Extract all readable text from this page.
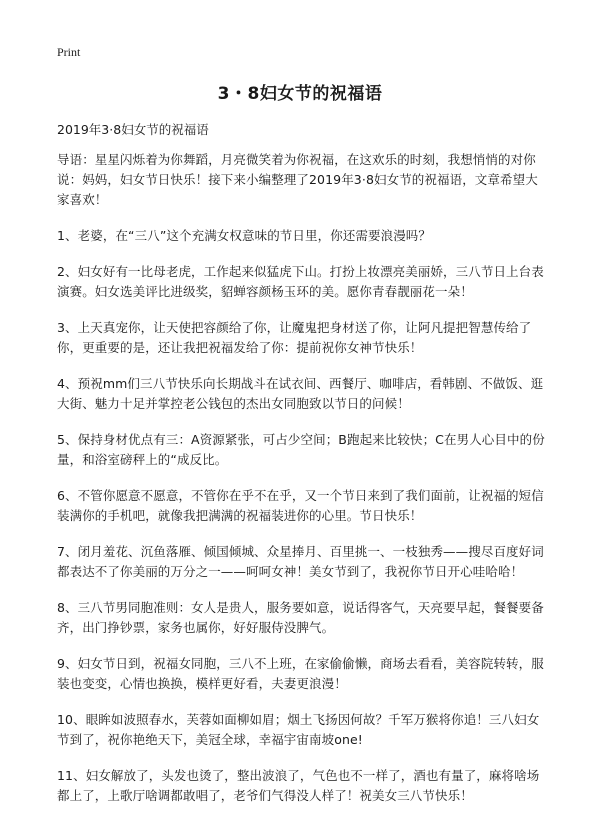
Print
3・8妇女节的祝福语

2019年3·8妇女节的祝福语

导语：星星闪烁着为你舞蹈，月亮微笑着为你祝福，在这欢乐的时刻，我想悄悄的对你说：妈妈，妇女节日快乐！接下来小编整理了2019年3·8妇女节的祝福语，文章希望大家喜欢！

1、老婆，在“三八”这个充满女权意味的节日里，你还需要浪漫吗？

2、妇女好有一比母老虎，工作起来似猛虎下山。打扮上妆漂亮美丽娇，三八节日上台表演赛。妇女选美评比进级奖，貂蝉容颜杨玉环的美。愿你青春靓丽花一朵！

3、上天真宠你，让天使把容颜给了你，让魔鬼把身材送了你，让阿凡提把智慧传给了你，更重要的是，还让我把祝福发给了你：提前祝你女神节快乐！

4、预祝mm们三八节快乐向长期战斗在试衣间、西餐厅、咖啡店，看韩剧、不做饭、逛大街、魅力十足并掌控老公钱包的杰出女同胞致以节日的问候！

5、保持身材优点有三：A资源紧张，可占少空间；B跑起来比较快；C在男人心目中的份量，和浴室磅秤上的“成反比。

6、不管你愿意不愿意，不管你在乎不在乎，又一个节日来到了我们面前，让祝福的短信装满你的手机吧，就像我把满满的祝福装进你的心里。节日快乐！

7、闭月羞花、沉鱼落雁、倾国倾城、众星捧月、百里挑一、一枝独秀——搜尽百度好词都表达不了你美丽的万分之一——呵呵女神！美女节到了，我祝你节日开心哇哈哈！

8、三八节男同胞准则：女人是贵人，服务要如意，说话得客气，天亮要早起，餐餐要备齐，出门挣钞票，家务也属你，好好服侍没脾气。

9、妇女节日到，祝福女同胞，三八不上班，在家偷偷懒，商场去看看，美容院转转，服装也变变，心情也换换，模样更好看，夫妻更浪漫！

10、眼眸如波照春水，芙蓉如面柳如眉；烟土飞扬因何故？千军万猴将你追！三八妇女节到了，祝你艳绝天下，美冠全球，幸福宇宙南坡one!

11、妇女解放了，头发也烫了，整出波浪了，气色也不一样了，酒也有量了，麻将啥场都上了，上歌厅啥调都敢唱了，老爷们气得没人样了！祝美女三八节快乐！
